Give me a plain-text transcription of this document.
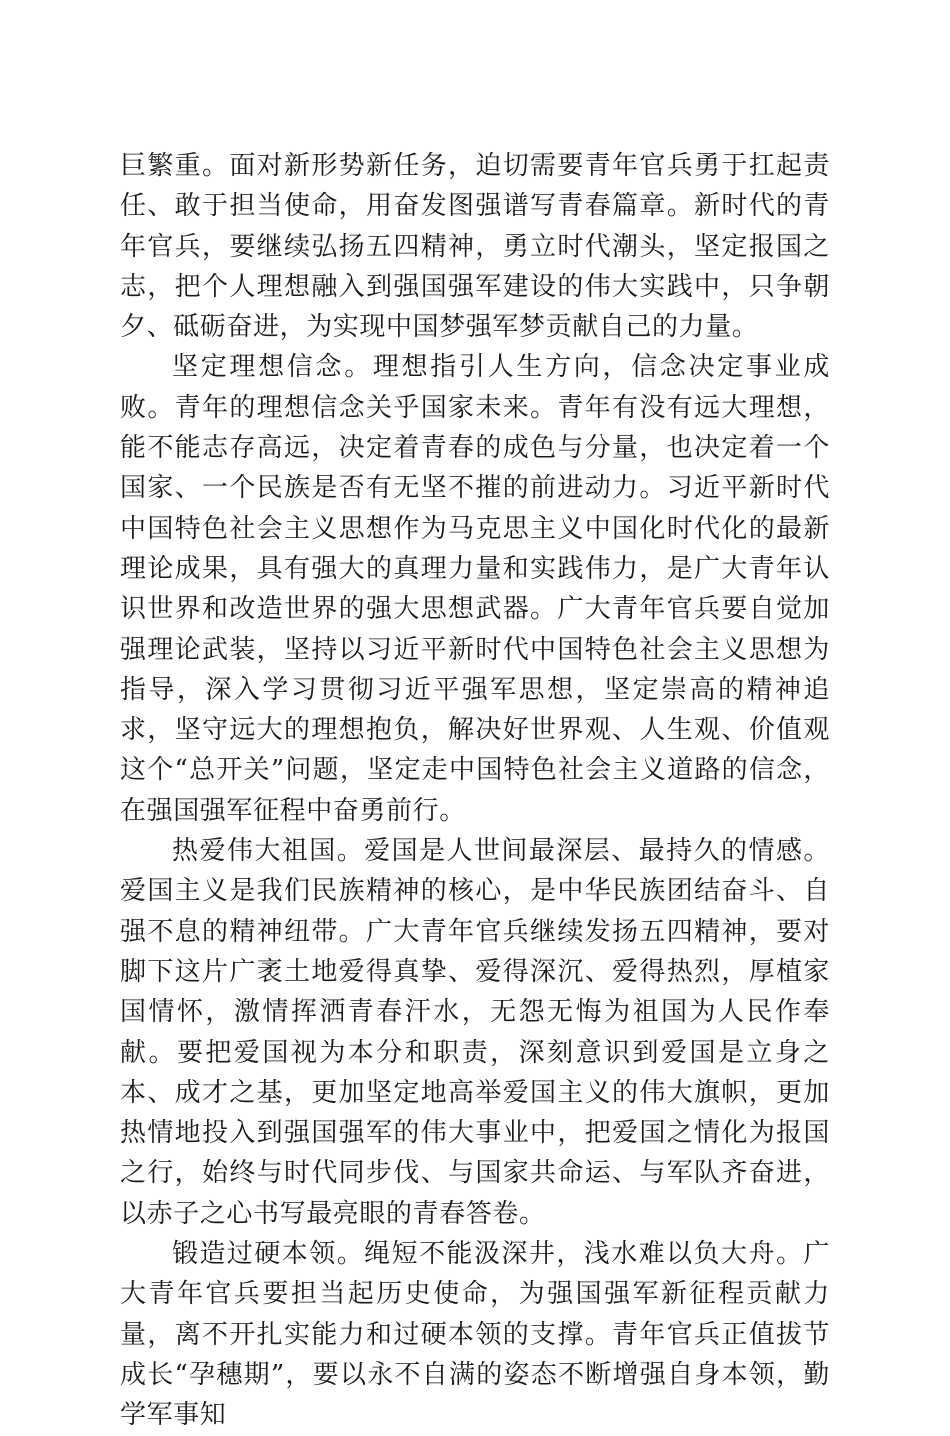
巨繁重。面对新形势新任务，迫切需要青年官兵勇于扛起责任、敢于担当使命，用奋发图强谱写青春篇章。新时代的青年官兵，要继续弘扬五四精神，勇立时代潮头，坚定报国之志，把个人理想融入到强国强军建设的伟大实践中，只争朝夕、砥砺奋进，为实现中国梦强军梦贡献自己的力量。

坚定理想信念。理想指引人生方向，信念决定事业成败。青年的理想信念关乎国家未来。青年有没有远大理想，能不能志存高远，决定着青春的成色与分量，也决定着一个国家、一个民族是否有无坚不摧的前进动力。习近平新时代中国特色社会主义思想作为马克思主义中国化时代化的最新理论成果，具有强大的真理力量和实践伟力，是广大青年认识世界和改造世界的强大思想武器。广大青年官兵要自觉加强理论武装，坚持以习近平新时代中国特色社会主义思想为指导，深入学习贯彻习近平强军思想，坚定崇高的精神追求，坚守远大的理想抱负，解决好世界观、人生观、价值观这个“总开关”问题，坚定走中国特色社会主义道路的信念，在强国强军征程中奋勇前行。

热爱伟大祖国。爱国是人世间最深层、最持久的情感。爱国主义是我们民族精神的核心，是中华民族团结奋斗、自强不息的精神纽带。广大青年官兵继续发扬五四精神，要对脚下这片广袤土地爱得真挚、爱得深沉、爱得热烈，厚植家国情怀，激情挥洒青春汗水，无怨无悔为祖国为人民作奉献。要把爱国视为本分和职责，深刻意识到爱国是立身之本、成才之基，更加坚定地高举爱国主义的伟大旗帜，更加热情地投入到强国强军的伟大事业中，把爱国之情化为报国之行，始终与时代同步伐、与国家共命运、与军队齐奋进，以赤子之心书写最亮眼的青春答卷。

锻造过硬本领。绳短不能汲深井，浅水难以负大舟。广大青年官兵要担当起历史使命，为强国强军新征程贡献力量，离不开扎实能力和过硬本领的支撑。青年官兵正值拔节成长“孕穗期”，要以永不自满的姿态不断增强自身本领，勤学军事知
